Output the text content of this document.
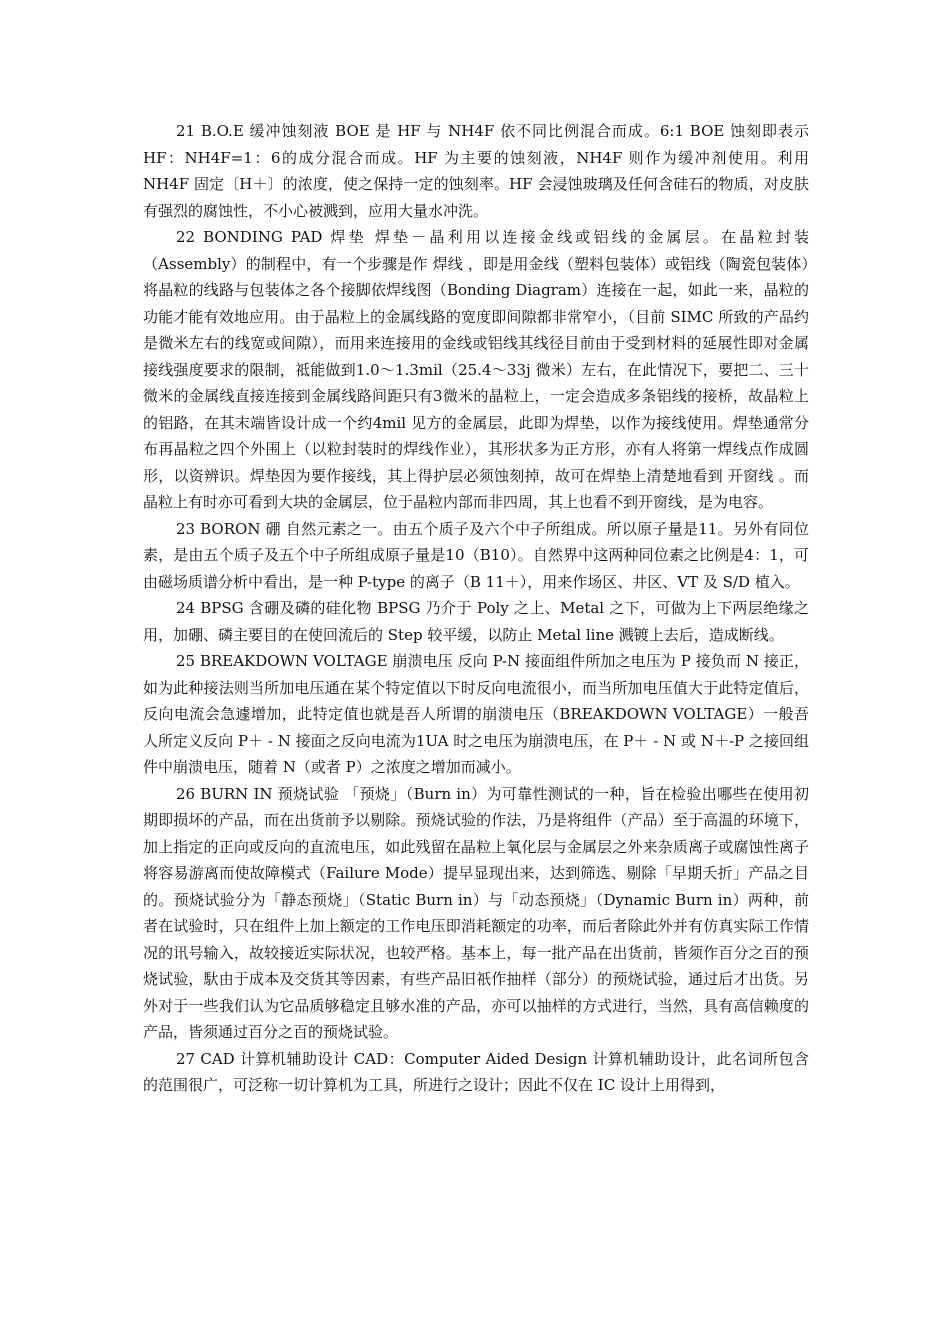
21 B.O.E 缓冲蚀刻液 BOE 是 HF 与 NH4F 依不同比例混合而成。6:1 BOE 蚀刻即表示 HF：NH4F=1：6的成分混合而成。HF 为主要的蚀刻液，NH4F 则作为缓冲剂使用。利用 NH4F 固定〔H＋〕的浓度，使之保持一定的蚀刻率。HF 会浸蚀玻璃及任何含硅石的物质，对皮肤有强烈的腐蚀性，不小心被溅到，应用大量水冲洗。

22 BONDING PAD 焊垫 焊垫－晶利用以连接金线或铝线的金属层。在晶粒封装（Assembly）的制程中，有一个步骤是作 焊线 ，即是用金线（塑料包装体）或铝线（陶瓷包装体）将晶粒的线路与包装体之各个接脚依焊线图（Bonding Diagram）连接在一起，如此一来，晶粒的功能才能有效地应用。由于晶粒上的金属线路的宽度即间隙都非常窄小，（目前 SIMC 所致的产品约是微米左右的线宽或间隙），而用来连接用的金线或铝线其线径目前由于受到材料的延展性即对金属接线强度要求的限制，祗能做到1.0～1.3mil（25.4～33j 微米）左右，在此情况下，要把二、三十微米的金属线直接连接到金属线路间距只有3微米的晶粒上，一定会造成多条铝线的接桥，故晶粒上的铝路，在其末端皆设计成一个约4mil 见方的金属层，此即为焊垫，以作为接线使用。焊垫通常分布再晶粒之四个外围上（以粒封装时的焊线作业），其形状多为正方形，亦有人将第一焊线点作成圆形，以资辨识。焊垫因为要作接线，其上得护层必须蚀刻掉，故可在焊垫上清楚地看到 开窗线 。而晶粒上有时亦可看到大块的金属层，位于晶粒内部而非四周，其上也看不到开窗线，是为电容。

23 BORON 硼 自然元素之一。由五个质子及六个中子所组成。所以原子量是11。另外有同位素，是由五个质子及五个中子所组成原子量是10（B10）。自然界中这两种同位素之比例是4：1，可由磁场质谱分析中看出，是一种 P-type 的离子（B 11＋），用来作场区、井区、VT 及 S/D 植入。

24 BPSG 含硼及磷的硅化物 BPSG 乃介于 Poly 之上、Metal 之下，可做为上下两层绝缘之用，加硼、磷主要目的在使回流后的 Step 较平缓，以防止 Metal line 溅镀上去后，造成断线。

25 BREAKDOWN VOLTAGE 崩溃电压 反向 P-N 接面组件所加之电压为 P 接负而 N 接正，如为此种接法则当所加电压通在某个特定值以下时反向电流很小，而当所加电压值大于此特定值后，反向电流会急遽增加，此特定值也就是吾人所谓的崩溃电压（BREAKDOWN VOLTAGE）一般吾人所定义反向 P＋ - N 接面之反向电流为1UA 时之电压为崩溃电压，在 P＋ - N 或 N＋-P 之接回组件中崩溃电压，随着 N（或者 P）之浓度之增加而减小。

26 BURN IN 预烧试验 「预烧」（Burn in）为可靠性测试的一种，旨在检验出哪些在使用初期即损坏的产品，而在出货前予以剔除。预烧试验的作法，乃是将组件（产品）至于高温的环境下，加上指定的正向或反向的直流电压，如此残留在晶粒上氧化层与金属层之外来杂质离子或腐蚀性离子将容易游离而使故障模式（Failure Mode）提早显现出来，达到筛选、剔除「早期夭折」产品之目的。预烧试验分为「静态预烧」（Static Burn in）与「动态预烧」（Dynamic Burn in）两种，前者在试验时，只在组件上加上额定的工作电压即消耗额定的功率，而后者除此外并有仿真实际工作情况的讯号输入，故较接近实际状况，也较严格。基本上，每一批产品在出货前，皆须作百分之百的预烧试验，馱由于成本及交货其等因素，有些产品旧祇作抽样（部分）的预烧试验，通过后才出货。另外对于一些我们认为它品质够稳定且够水准的产品，亦可以抽样的方式进行，当然，具有高信赖度的产品，皆须通过百分之百的预烧试验。

27 CAD 计算机辅助设计 CAD：Computer Aided Design 计算机辅助设计，此名词所包含的范围很广，可泛称一切计算机为工具，所进行之设计；因此不仅在 IC 设计上用得到，
